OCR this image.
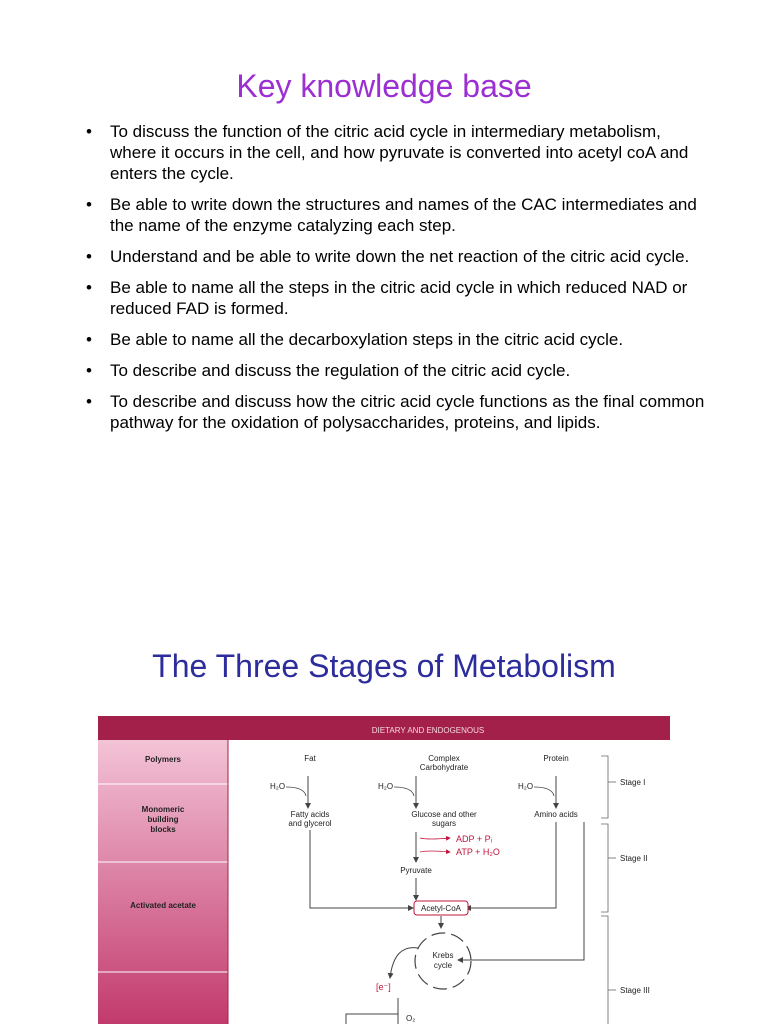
Key knowledge base
• To discuss the function of the citric acid cycle in intermediary metabolism, where it occurs in the cell, and how pyruvate is converted into acetyl coA and enters the cycle.
• Be able to write down the structures and names of the CAC intermediates and the name of the enzyme catalyzing each step.
• Understand and be able to write down the net reaction of the citric acid cycle.
• Be able to name all the steps in the citric acid cycle in which reduced NAD or reduced FAD is formed.
• Be able to name all the decarboxylation steps in the citric acid cycle.
• To describe and discuss the regulation of the citric acid cycle.
• To describe and discuss how the citric acid cycle functions as the final common pathway for the oxidation of polysaccharides, proteins, and lipids.
The Three Stages of Metabolism
DIETARY AND ENDOGENOUS
Polymers
Monomeric
building
blocks
Activated acetate
Fat	Complex
Carbohydrate
Protein
H₂O	H₂O	H₂O
Fatty acids
and glycerol
Glucose and other
sugars
Amino acids
ADP + Pᵢ
ATP + H₂O
Pyruvate
Acetyl-CoA
Krebs
cycle
[e⁻]
O₂
Stage I
Stage II
Stage III
